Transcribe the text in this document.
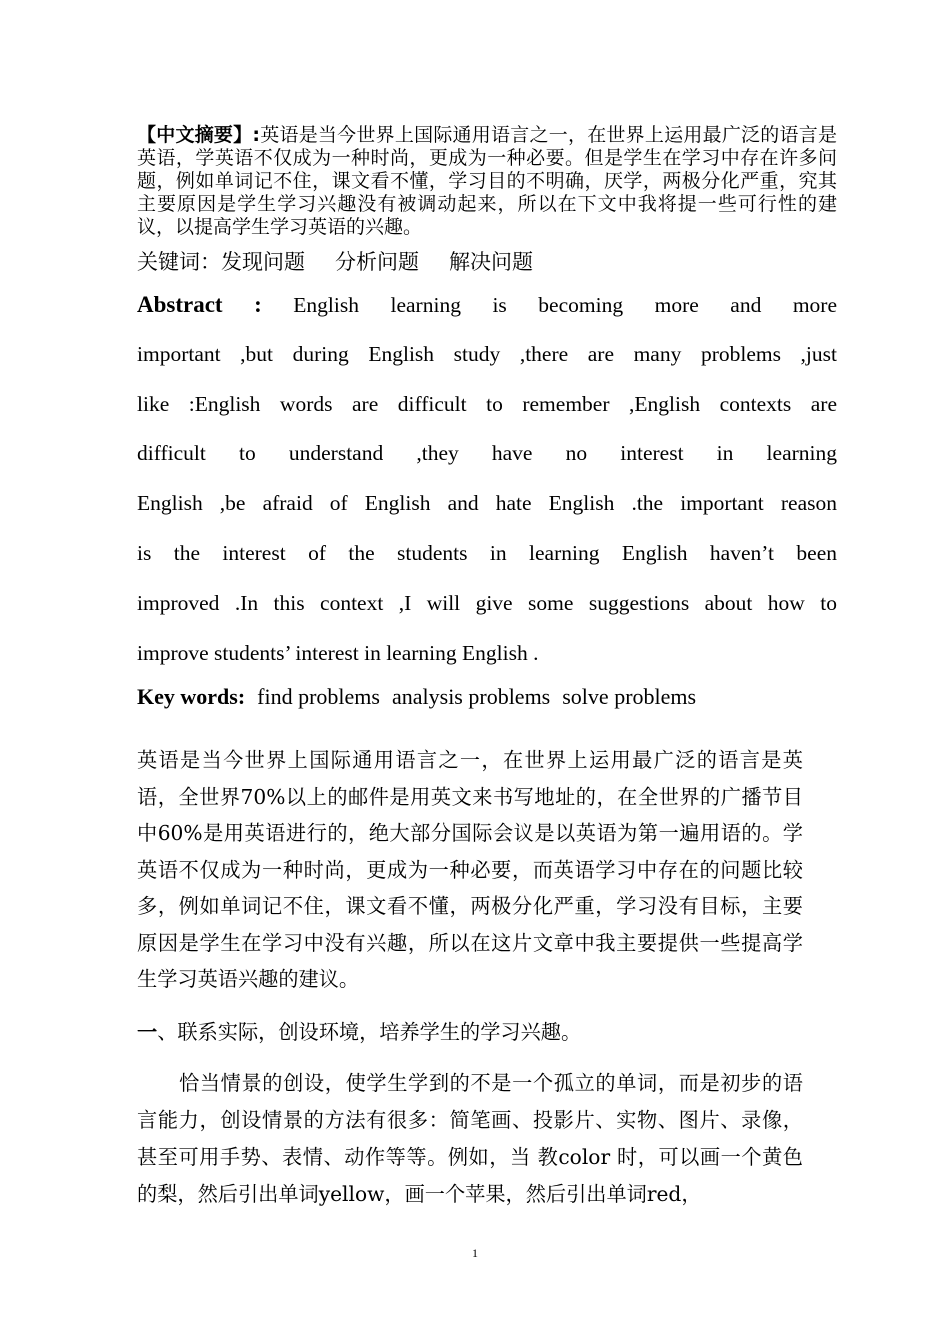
【中文摘要】:英语是当今世界上国际通用语言之一，在世界上运用最广泛的语言是英语，学英语不仅成为一种时尚，更成为一种必要。但是学生在学习中存在许多问题，例如单词记不住，课文看不懂，学习目的不明确，厌学，两极分化严重，究其主要原因是学生学习兴趣没有被调动起来，所以在下文中我将提一些可行性的建议，以提高学生学习英语的兴趣。
关键词：发现问题 分析问题 解决问题
Abstract : English learning is becoming more and more
important ,but during English study ,there are many problems ,just
like :English words are difficult to remember ,English contexts are
difficult to understand ,they have no interest in learning
English ,be afraid of English and hate English .the important reason
is the interest of the students in learning English haven’t been
improved .In this context ,I will give some suggestions about how to
improve students’ interest in learning English .
Key words: find problems analysis problems solve problems
英语是当今世界上国际通用语言之一，在世界上运用最广泛的语言是英语，全世界70%以上的邮件是用英文来书写地址的，在全世界的广播节目中60%是用英语进行的，绝大部分国际会议是以英语为第一遍用语的。学英语不仅成为一种时尚，更成为一种必要，而英语学习中存在的问题比较多，例如单词记不住，课文看不懂，两极分化严重，学习没有目标，主要原因是学生在学习中没有兴趣，所以在这片文章中我主要提供一些提高学生学习英语兴趣的建议。
一、联系实际，创设环境，培养学生的学习兴趣。
恰当情景的创设，使学生学到的不是一个孤立的单词，而是初步的语言能力，创设情景的方法有很多：简笔画、投影片、实物、图片、录像，甚至可用手势、表情、动作等等。例如，当 教color 时，可以画一个黄色的梨，然后引出单词yellow，画一个苹果，然后引出单词red，
1
